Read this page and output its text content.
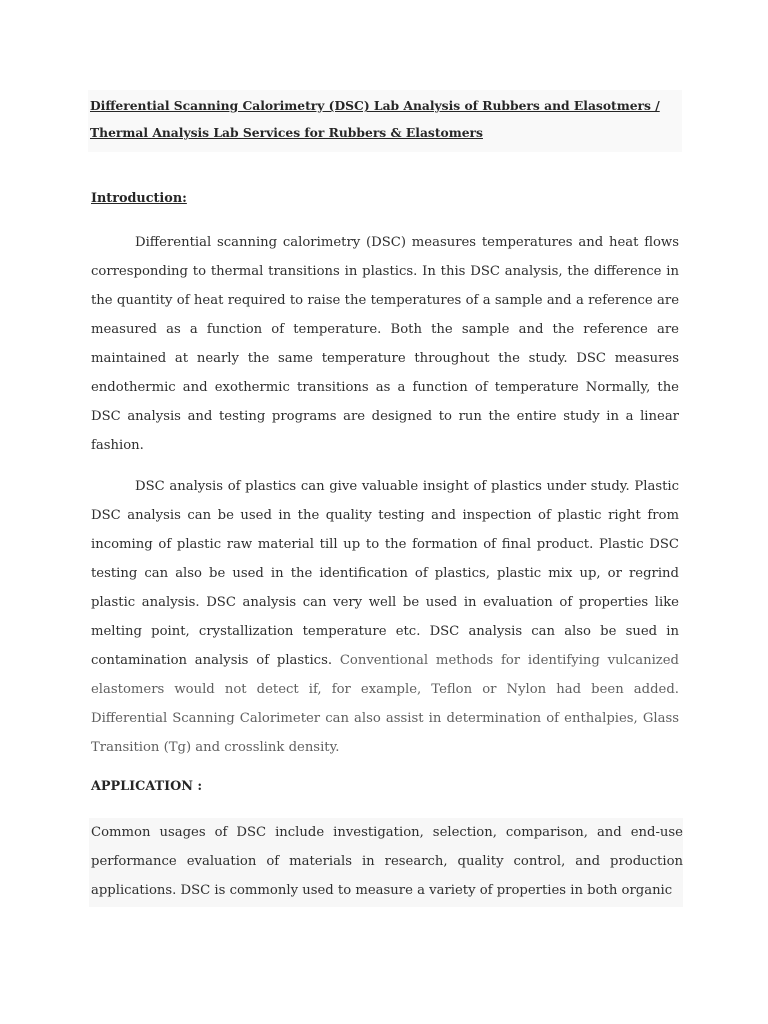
Differential Scanning Calorimetry (DSC) Lab Analysis of Rubbers and Elasotmers /
Thermal Analysis Lab Services for Rubbers & Elastomers
Introduction:

Differential scanning calorimetry (DSC) measures temperatures and heat flows corresponding to thermal transitions in plastics. In this DSC analysis, the difference in the quantity of heat required to raise the temperatures of a sample and a reference are measured as a function of temperature. Both the sample and the reference are maintained at nearly the same temperature throughout the study. DSC measures endothermic and exothermic transitions as a function of temperature Normally, the DSC analysis and testing programs are designed to run the entire study in a linear fashion.

DSC analysis of plastics can give valuable insight of plastics under study. Plastic DSC analysis can be used in the quality testing and inspection of plastic right from incoming of plastic raw material till up to the formation of final product. Plastic DSC testing can also be used in the identification of plastics, plastic mix up, or regrind plastic analysis. DSC analysis can very well be used in evaluation of properties like melting point, crystallization temperature etc. DSC analysis can also be sued in contamination analysis of plastics. Conventional methods for identifying vulcanized elastomers would not detect if, for example, Teflon or Nylon had been added. Differential Scanning Calorimeter can also assist in determination of enthalpies, Glass Transition (Tg) and crosslink density.

APPLICATION :

Common usages of DSC include investigation, selection, comparison, and end-use performance evaluation of materials in research, quality control, and production applications. DSC is commonly used to measure a variety of properties in both organic
